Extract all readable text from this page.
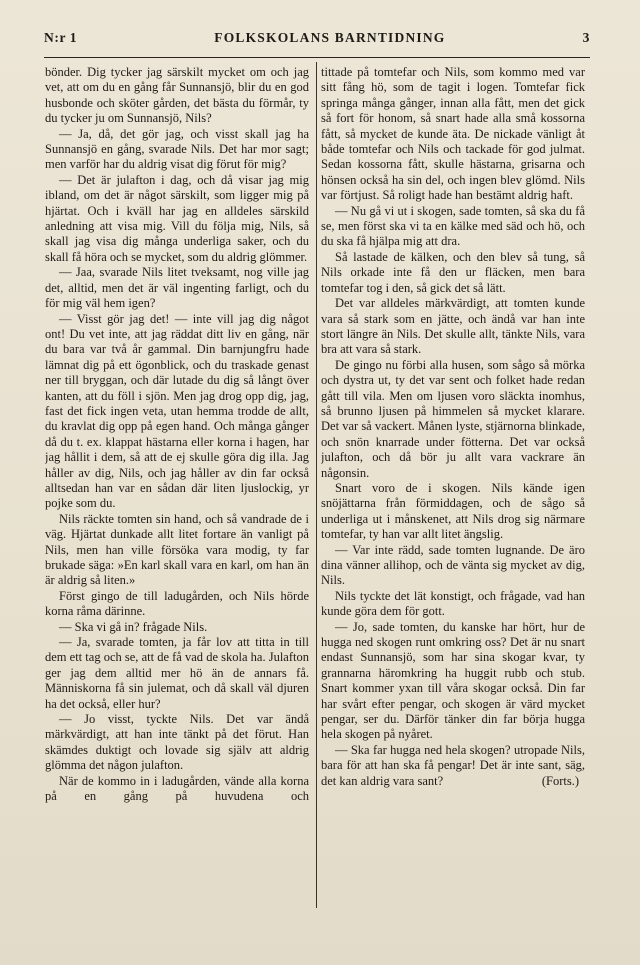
N:r 1	FOLKSKOLANS BARNTIDNING	3

bönder. Dig tycker jag särskilt mycket om och jag vet, att om du en gång får Sunnansjö, blir du en god husbonde och sköter gården, det bästa du förmår, ty du tycker ju om Sunnansjö, Nils?

— Ja, då, det gör jag, och visst skall jag ha Sunnansjö en gång, svarade Nils. Det har mor sagt; men varför har du aldrig visat dig förut för mig?

— Det är julafton i dag, och då visar jag mig ibland, om det är något särskilt, som ligger mig på hjärtat. Och i kväll har jag en alldeles särskild anledning att visa mig. Vill du följa mig, Nils, så skall jag visa dig många underliga saker, och du skall få höra och se mycket, som du aldrig glömmer.

— Jaa, svarade Nils litet tveksamt, nog ville jag det, alltid, men det är väl ingenting farligt, och du för mig väl hem igen?

— Visst gör jag det! — inte vill jag dig något ont! Du vet inte, att jag räddat ditt liv en gång, när du bara var två år gammal. Din barnjungfru hade lämnat dig på ett ögonblick, och du traskade genast ner till bryggan, och där lutade du dig så långt över kanten, att du föll i sjön. Men jag drog opp dig, jag, fast det fick ingen veta, utan hemma trodde de allt, du kravlat dig opp på egen hand. Och många gånger då du t. ex. klappat hästarna eller korna i hagen, har jag hållit i dem, så att de ej skulle göra dig illa. Jag håller av dig, Nils, och jag håller av din far också alltsedan han var en sådan där liten ljuslockig, yr pojke som du.

Nils räckte tomten sin hand, och så vandrade de i väg. Hjärtat dunkade allt litet fortare än vanligt på Nils, men han ville försöka vara modig, ty far brukade säga: »En karl skall vara en karl, om han än är aldrig så liten.»

Först gingo de till ladugården, och Nils hörde korna råma därinne.

— Ska vi gå in? frågade Nils.

— Ja, svarade tomten, ja får lov att titta in till dem ett tag och se, att de få vad de skola ha. Julafton ger jag dem alltid mer hö än de annars få. Människorna få sin julemat, och då skall väl djuren ha det också, eller hur?

— Jo visst, tyckte Nils. Det var ändå märkvärdigt, att han inte tänkt på det förut. Han skämdes duktigt och lovade sig själv att aldrig glömma det någon julafton.

När de kommo in i ladugården, vände alla korna på en gång på huvudena och

tittade på tomtefar och Nils, som kommo med var sitt fång hö, som de tagit i logen. Tomtefar fick springa många gånger, innan alla fått, men det gick så fort för honom, så snart hade alla små kossorna fått, så mycket de kunde äta. De nickade vänligt åt både tomtefar och Nils och tackade för god julmat. Sedan kossorna fått, skulle hästarna, grisarna och hönsen också ha sin del, och ingen blev glömd. Nils var förtjust. Så roligt hade han bestämt aldrig haft.

— Nu gå vi ut i skogen, sade tomten, så ska du få se, men först ska vi ta en kälke med säd och hö, och du ska få hjälpa mig att dra.

Så lastade de kälken, och den blev så tung, så Nils orkade inte få den ur fläcken, men bara tomtefar tog i den, så gick det så lätt.

Det var alldeles märkvärdigt, att tomten kunde vara så stark som en jätte, och ändå var han inte stort längre än Nils. Det skulle allt, tänkte Nils, vara bra att vara så stark.

De gingo nu förbi alla husen, som sågo så mörka och dystra ut, ty det var sent och folket hade redan gått till vila. Men om ljusen voro släckta inomhus, så brunno ljusen på himmelen så mycket klarare. Det var så vackert. Månen lyste, stjärnorna blinkade, och snön knarrade under fötterna. Det var också julafton, och då bör ju allt vara vackrare än någonsin.

Snart voro de i skogen. Nils kände igen snöjättarna från förmiddagen, och de sågo så underliga ut i månskenet, att Nils drog sig närmare tomtefar, ty han var allt litet ängslig.

— Var inte rädd, sade tomten lugnande. De äro dina vänner allihop, och de vänta sig mycket av dig, Nils.

Nils tyckte det lät konstigt, och frågade, vad han kunde göra dem för gott.

— Jo, sade tomten, du kanske har hört, hur de hugga ned skogen runt omkring oss? Det är nu snart endast Sunnansjö, som har sina skogar kvar, ty grannarna häromkring ha huggit rubb och stub. Snart kommer yxan till våra skogar också. Din far har svårt efter pengar, och skogen är värd mycket pengar, ser du. Därför tänker din far börja hugga hela skogen på nyåret.

— Ska far hugga ned hela skogen? utropade Nils, bara för att han ska få pengar! Det är inte sant, säg, det kan aldrig vara sant?	(Forts.)
